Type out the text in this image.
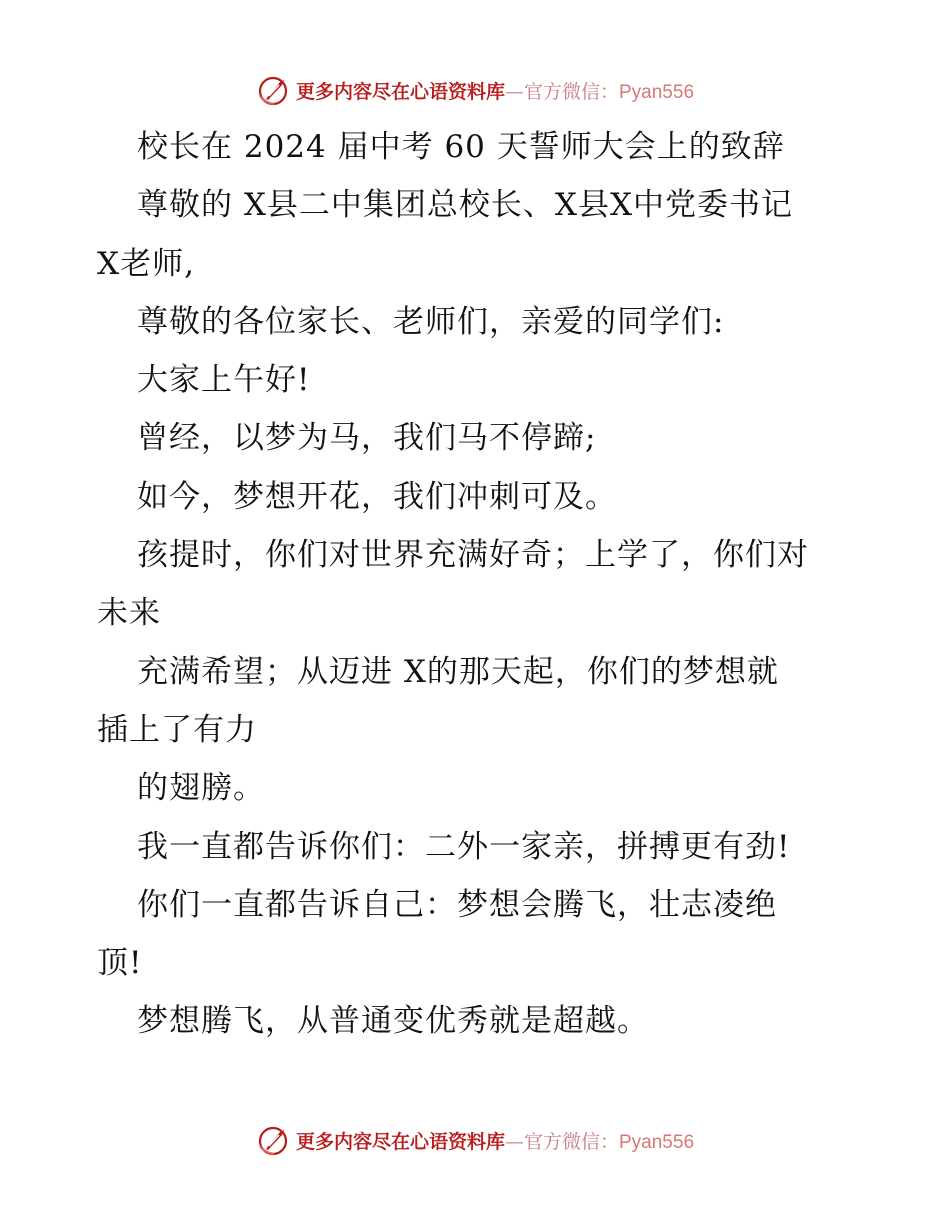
更多内容尽在心语资料库—官方微信：Pyan556
校长在 2024 届中考 60 天誓师大会上的致辞
尊敬的 X县二中集团总校长、X县X中党委书记
X老师,
尊敬的各位家长、老师们，亲爱的同学们:
大家上午好!
曾经，以梦为马，我们马不停蹄;
如今，梦想开花，我们冲刺可及。
孩提时，你们对世界充满好奇；上学了，你们对
未来
充满希望；从迈进 X的那天起，你们的梦想就
插上了有力
的翅膀。
我一直都告诉你们：二外一家亲，拼搏更有劲!
你们一直都告诉自己：梦想会腾飞，壮志凌绝
顶!
梦想腾飞，从普通变优秀就是超越。
更多内容尽在心语资料库—官方微信：Pyan556
